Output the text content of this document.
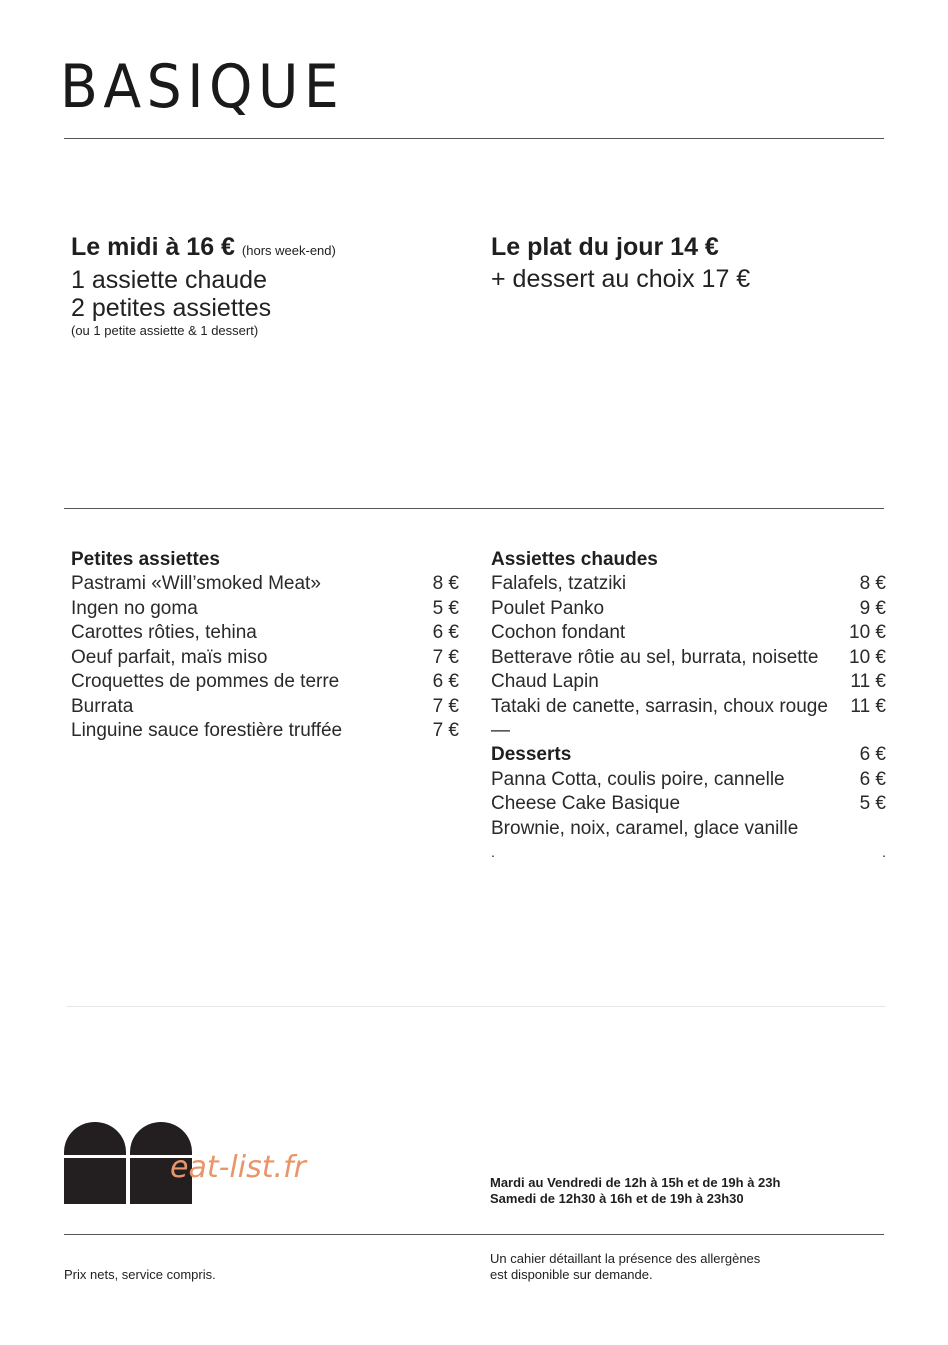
BASIQUE
Le midi à 16 € (hors week-end)
1 assiette chaude
2 petites assiettes
(ou 1 petite assiette & 1 dessert)
Le plat du jour 14 €
+ dessert au choix 17 €
Petites assiettes
Pastrami «Will’smoked Meat»	8 €
Ingen no goma	5 €
Carottes rôties, tehina	6 €
Oeuf parfait, maïs miso	7 €
Croquettes de pommes de terre	6 €
Burrata	7 €
Linguine sauce forestière truffée	7 €
Assiettes chaudes
Falafels, tzatziki	8 €
Poulet Panko	9 €
Cochon fondant	10 €
Betterave rôtie au sel, burrata, noisette 10 €
Chaud Lapin	11 €
Tataki de canette, sarrasin, choux rouge 11 €
—
Desserts	6 €
Panna Cotta, coulis poire, cannelle	6 €
Cheese Cake Basique	5 €
Brownie, noix, caramel, glace vanille
.	.
eat-list.fr	Mardi au Vendredi de 12h à 15h et de 19h à 23h
Samedi de 12h30 à 16h et de 19h à 23h30
Prix nets, service compris.
Un cahier détaillant la présence des allergènes
est disponible sur demande.
